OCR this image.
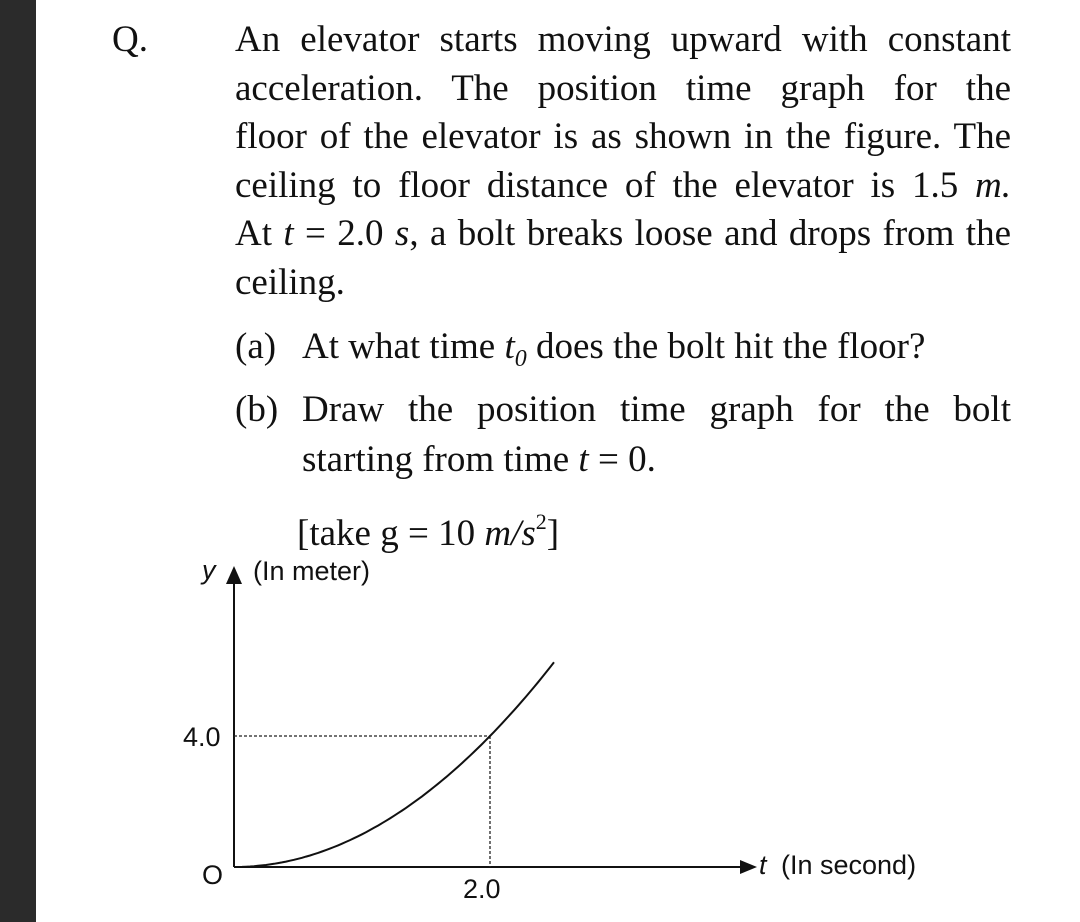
Q. An elevator starts moving upward with constant
acceleration. The position time graph for the
floor of the elevator is as shown in the figure. The
ceiling to floor distance of the elevator is 1.5 m.
At t = 2.0 s, a bolt breaks loose and drops from the
ceiling.
(a) At what time $t_0$ does the bolt hit the floor?
(b) Draw the position time graph for the bolt
starting from time t = 0.
[take g = 10 $m/s^2$]
y (In meter)
4.0
O	2.0
t (In second)
